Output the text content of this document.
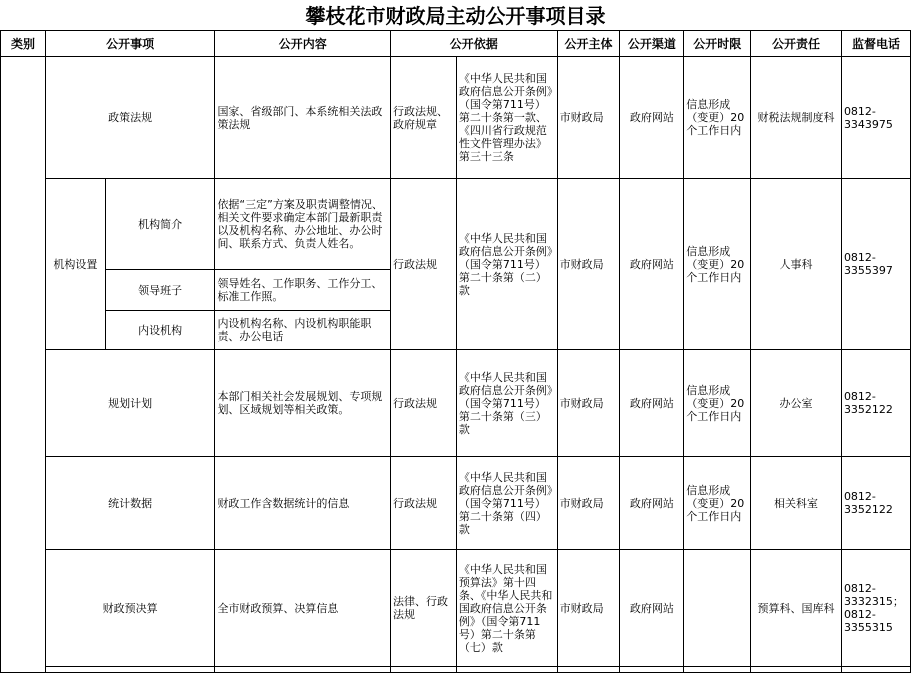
攀枝花市财政局主动公开事项目录
类别	公开事项		公开内容	公开依据		公开主体	公开渠道	公开时限	公开责任	监督电话
	政策法规		国家、省级部门、本系统相关法政策法规	行政法规、政府规章	《中华人民共和国政府信息公开条例》（国令第711号）第二十条第一款、《四川省行政规范性文件管理办法》第三十三条	市财政局	政府网站	信息形成（变更）20个工作日内	财税法规制度科	0812-3343975
	机构设置	机构简介	依据“三定”方案及职责调整情况、相关文件要求确定本部门最新职责以及机构名称、办公地址、办公时间、联系方式、负责人姓名。	行政法规	《中华人民共和国政府信息公开条例》（国令第711号）第二十条第（二）款	市财政局	政府网站	信息形成（变更）20个工作日内	人事科	0812-3355397
		领导班子	领导姓名、工作职务、工作分工、标准工作照。							
		内设机构	内设机构名称、内设机构职能职责、办公电话							
	规划计划		本部门相关社会发展规划、专项规划、区域规划等相关政策。	行政法规	《中华人民共和国政府信息公开条例》（国令第711号）第二十条第（三）款	市财政局	政府网站	信息形成（变更）20个工作日内	办公室	0812-3352122
	统计数据		财政工作含数据统计的信息	行政法规	《中华人民共和国政府信息公开条例》（国令第711号）第二十条第（四）款	市财政局	政府网站	信息形成（变更）20个工作日内	相关科室	0812-3352122
	财政预决算		全市财政预算、决算信息	法律、行政法规	《中华人民共和国预算法》第十四条、《中华人民共和国政府信息公开条例》（国令第711号）第二十条第（七）款	市财政局	政府网站		预算科、国库科	0812-3332315；0812-3355315
